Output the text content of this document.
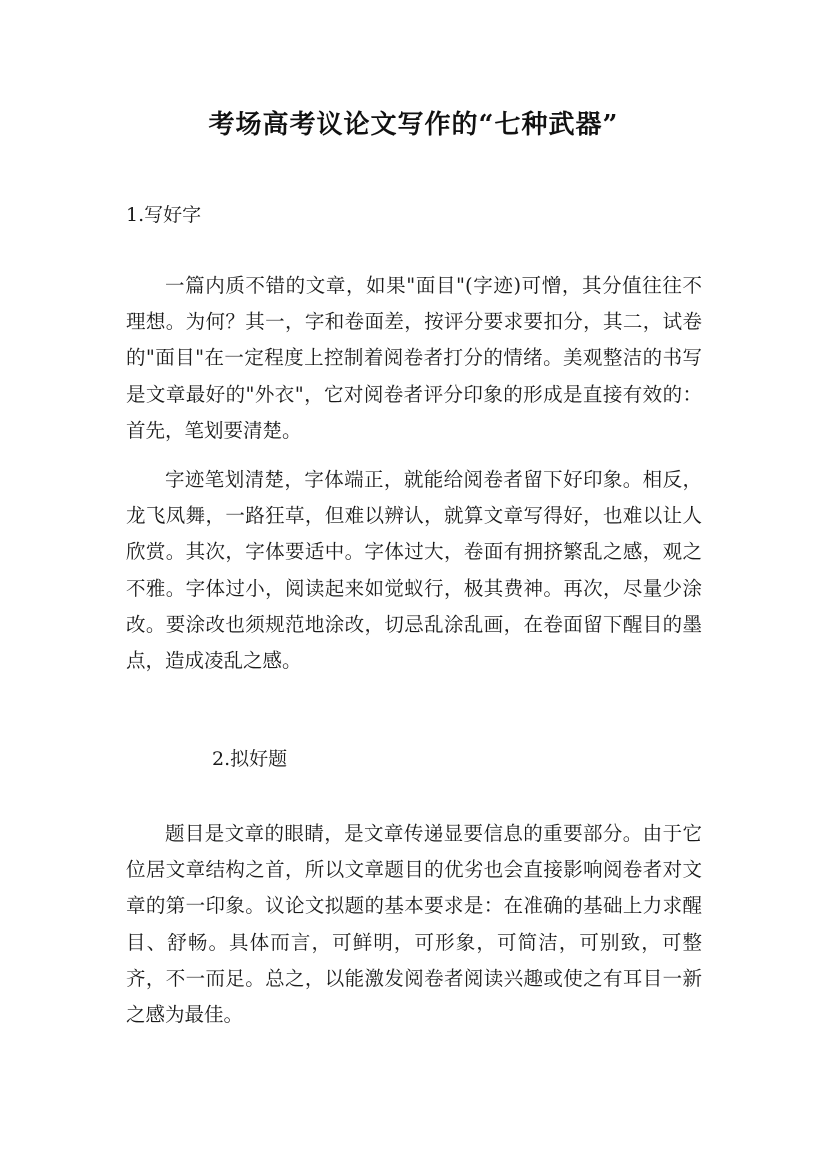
考场高考议论文写作的“七种武器”
1.写好字

一篇内质不错的文章，如果"面目"(字迹)可憎，其分值往往不理想。为何？其一，字和卷面差，按评分要求要扣分，其二，试卷的"面目"在一定程度上控制着阅卷者打分的情绪。美观整洁的书写是文章最好的"外衣"，它对阅卷者评分印象的形成是直接有效的：首先，笔划要清楚。

字迹笔划清楚，字体端正，就能给阅卷者留下好印象。相反，龙飞凤舞，一路狂草，但难以辨认，就算文章写得好，也难以让人欣赏。其次，字体要适中。字体过大，卷面有拥挤繁乱之感，观之不雅。字体过小，阅读起来如觉蚁行，极其费神。再次，尽量少涂改。要涂改也须规范地涂改，切忌乱涂乱画，在卷面留下醒目的墨点，造成凌乱之感。

2.拟好题

题目是文章的眼睛，是文章传递显要信息的重要部分。由于它位居文章结构之首，所以文章题目的优劣也会直接影响阅卷者对文章的第一印象。议论文拟题的基本要求是：在准确的基础上力求醒目、舒畅。具体而言，可鲜明，可形象，可简洁，可别致，可整齐，不一而足。总之，以能激发阅卷者阅读兴趣或使之有耳目一新之感为最佳。
